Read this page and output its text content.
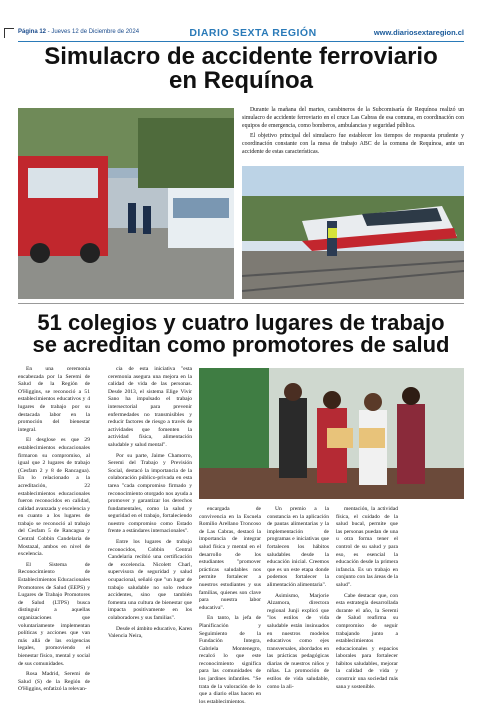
Página 12 - Jueves 12 de Diciembre de 2024	DIARIO SEXTA REGIÓN	www.diariosextaregion.cl
Simulacro de accidente ferroviario
en Requínoa

Durante la mañana del martes, carabineros de la Subcomisaría de Requínoa realizó un simulacro de accidente ferroviario en el cruce Las Cabras de esa comuna, en coordinación con equipos de emergencia, como bomberos, ambulancias y seguridad pública.

El objetivo principal del simulacro fue establecer los tiempos de respuesta prudente y coordinación constante con la mesa de trabajo ABC de la comuna de Requínoa, ante un accidente de estas características.

51 colegios y cuatro lugares de trabajo
se acreditan como promotores de salud

En una ceremonia encabezada por la Seremi de Salud de la Región de O'Higgins, se reconoció a 51 establecimientos educativos y 4 lugares de trabajo por su destacada labor en la promoción del bienestar integral.

El desglose es que 29 establecimientos educacionales firmaron su compromiso, al igual que 2 lugares de trabajo (Cesfam 2 y 8 de Rancagua). En lo relacionado a la acreditación, 22 establecimientos educacionales fueron reconocidos en calidad, calidad avanzada y excelencia y en cuanto a los lugares de trabajo se reconoció al trabajo del Cesfam 5 de Rancagua y Central Cobbin Candelaria de Mostazal, ambos en nivel de excelencia.

El Sistema de Reconocimiento de Establecimientos Educacionales Promotores de Salud (EEPS) y Lugares de Trabajo Promotores de Salud (LTPS) busca distinguir a aquellas organizaciones que voluntariamente implementan políticas y acciones que van más allá de las exigencias legales, promoviendo el bienestar físico, mental y social de sus comunidades.

Rosa Madrid, Seremi de Salud (S) de la Región de O'Higgins, enfatizó la relevan-

cia de esta iniciativa "esta ceremonia asegura una mejora en la calidad de vida de las personas. Desde 2013, el sistema Elige Vivir Sano ha impulsado el trabajo intersectorial para prevenir enfermedades no transmisibles y reducir factores de riesgo a través de actividades que fomenten la actividad física, alimentación saludable y salud mental".

Por su parte, Jaime Chamorro, Seremi del Trabajo y Previsión Social, destacó la importancia de la colaboración público-privada en esta tarea "cada compromiso firmado y reconocimiento otorgado nos ayuda a promover y garantizar los derechos fundamentales, como la salud y seguridad en el trabajo, fortaleciendo nuestro compromiso como Estado frente a estándares internacionales".

Entre los lugares de trabajo reconocidos, Cobbin Central Candelaria recibió una certificación de excelencia. Nicolett Charl, supervisora de seguridad y salud ocupacional, señaló que "un lugar de trabajo saludable no solo reduce accidentes, sino que también fomenta una cultura de bienestar que impacta positivamente en los colaboradores y sus familias".

Desde el ámbito educativo, Karen Valencia Neira,

encargada de convivencia en la Escuela Romilio Arellano Troncoso de Las Cabras, destacó la importancia de integrar salud física y mental en el desarrollo de los estudiantes "promover prácticas saludables nos permite fortalecer a nuestros estudiantes y sus familias, quienes son clave para nuestra labor educativa".

En tanto, la jefa de Planificación y Seguimiento de la Fundación Integra, Gabriela Montenegro, recalcó lo que este reconocimiento significa para las comunidades de los jardines infantiles. "Se trata de la valoración de lo que a diario ellas hacen en los establecimientos.

Un premio a la constancia en la aplicación de pautas alimentarias y la implementación de programas e iniciativas que fortalecen los hábitos saludables desde la educación inicial. Creemos que es un este etapa donde podemos fortalecer la alimentación alimentaria".

Asimismo, Marjorie Alzamora, directora regional Junji explicó que "los estilos de vida saludable están insinuados en nuestros modelos educativos como ejes transversales, abordados en las prácticas pedagógicas diarias de nuestros niños y niñas. La promoción de estilos de vida saludable, como la ali-

mentación, la actividad física, el cuidado de la salud bucal, permite que las personas puedan de una u otra forma tener el control de su salud y para eso, es esencial la educación desde la primera infancia. Es un trabajo en conjunto con las áreas de la salud".

Cabe destacar que, con esta estrategia desarrollada durante el año, la Seremi de Salud reafirma su compromiso de seguir trabajando junto a establecimientos educacionales y espacios laborales para fortalecer hábitos saludables, mejorar la calidad de vida y construir una sociedad más sana y sostenible.
